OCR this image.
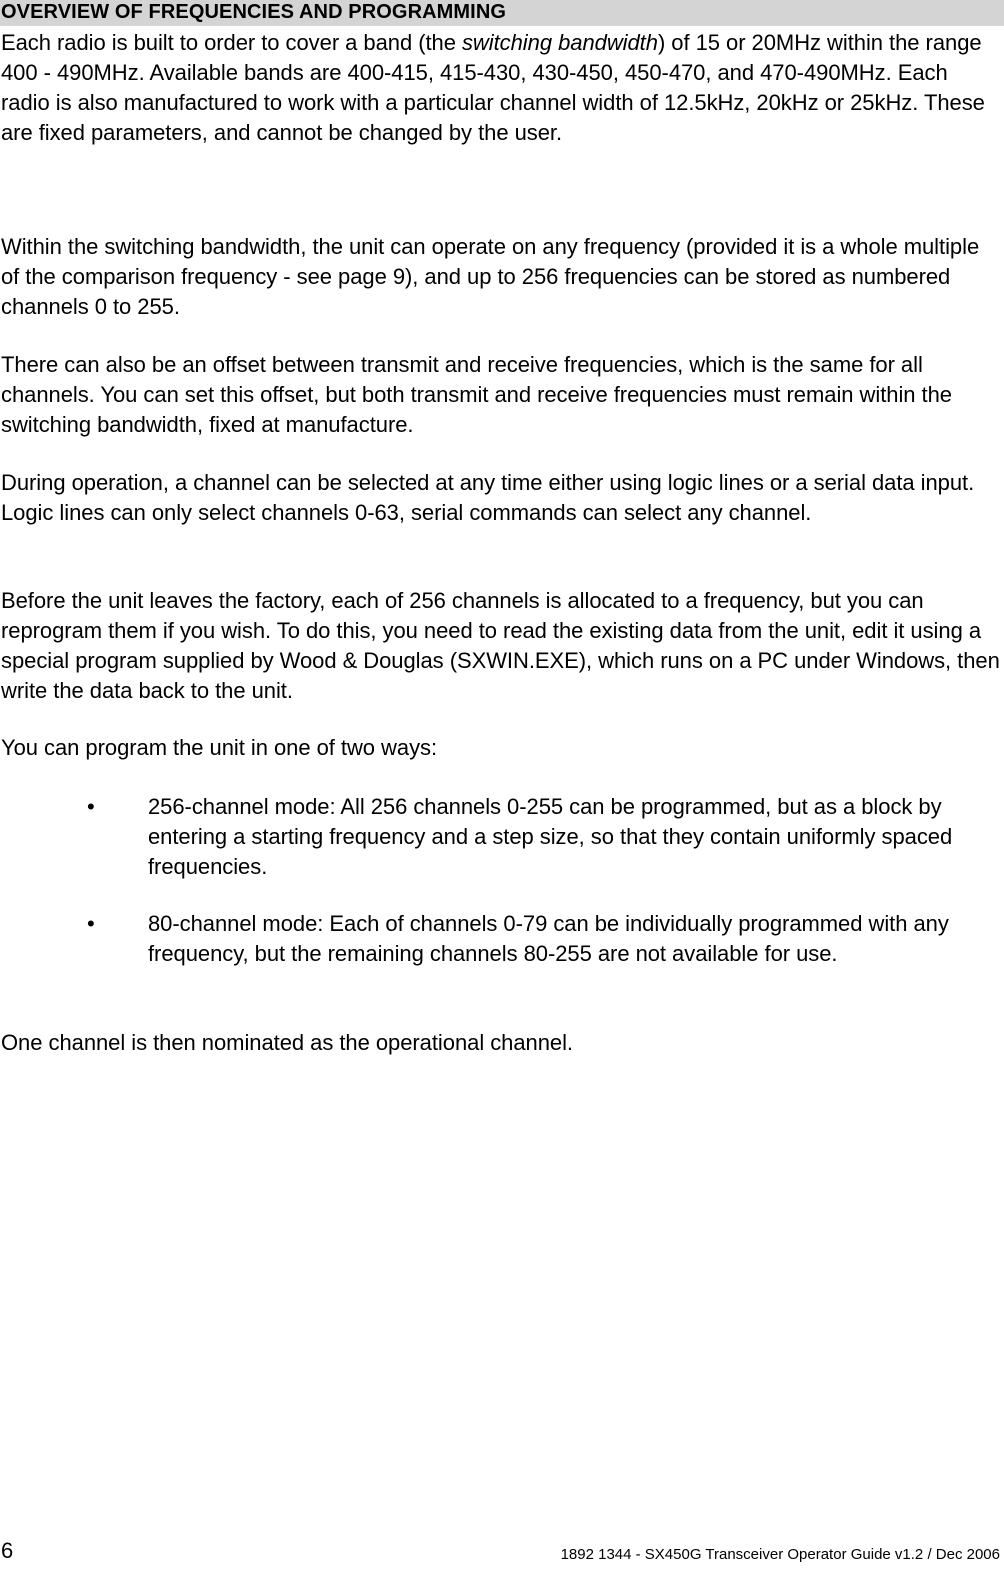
OVERVIEW OF FREQUENCIES AND PROGRAMMING

Each radio is built to order to cover a band (the switching bandwidth) of 15 or 20MHz within the range 400 - 490MHz. Available bands are 400-415, 415-430, 430-450, 450-470, and 470-490MHz. Each radio is also manufactured to work with a particular channel width of 12.5kHz, 20kHz or 25kHz. These are fixed parameters, and cannot be changed by the user.

Within the switching bandwidth, the unit can operate on any frequency (provided it is a whole multiple of the comparison frequency - see page 9), and up to 256 frequencies can be stored as numbered channels 0 to 255.

There can also be an offset between transmit and receive frequencies, which is the same for all channels. You can set this offset, but both transmit and receive frequencies must remain within the switching bandwidth, fixed at manufacture.

During operation, a channel can be selected at any time either using logic lines or a serial data input. Logic lines can only select channels 0-63, serial commands can select any channel.

Before the unit leaves the factory, each of 256 channels is allocated to a frequency, but you can reprogram them if you wish. To do this, you need to read the existing data from the unit, edit it using a special program supplied by Wood & Douglas (SXWIN.EXE), which runs on a PC under Windows, then write the data back to the unit.

You can program the unit in one of two ways:

•	256-channel mode: All 256 channels 0-255 can be programmed, but as a block by entering a starting frequency and a step size, so that they contain uniformly spaced frequencies.

•	80-channel mode: Each of channels 0-79 can be individually programmed with any frequency, but the remaining channels 80-255 are not available for use.

One channel is then nominated as the operational channel.

6	1892 1344 - SX450G Transceiver Operator Guide v1.2 / Dec 2006
